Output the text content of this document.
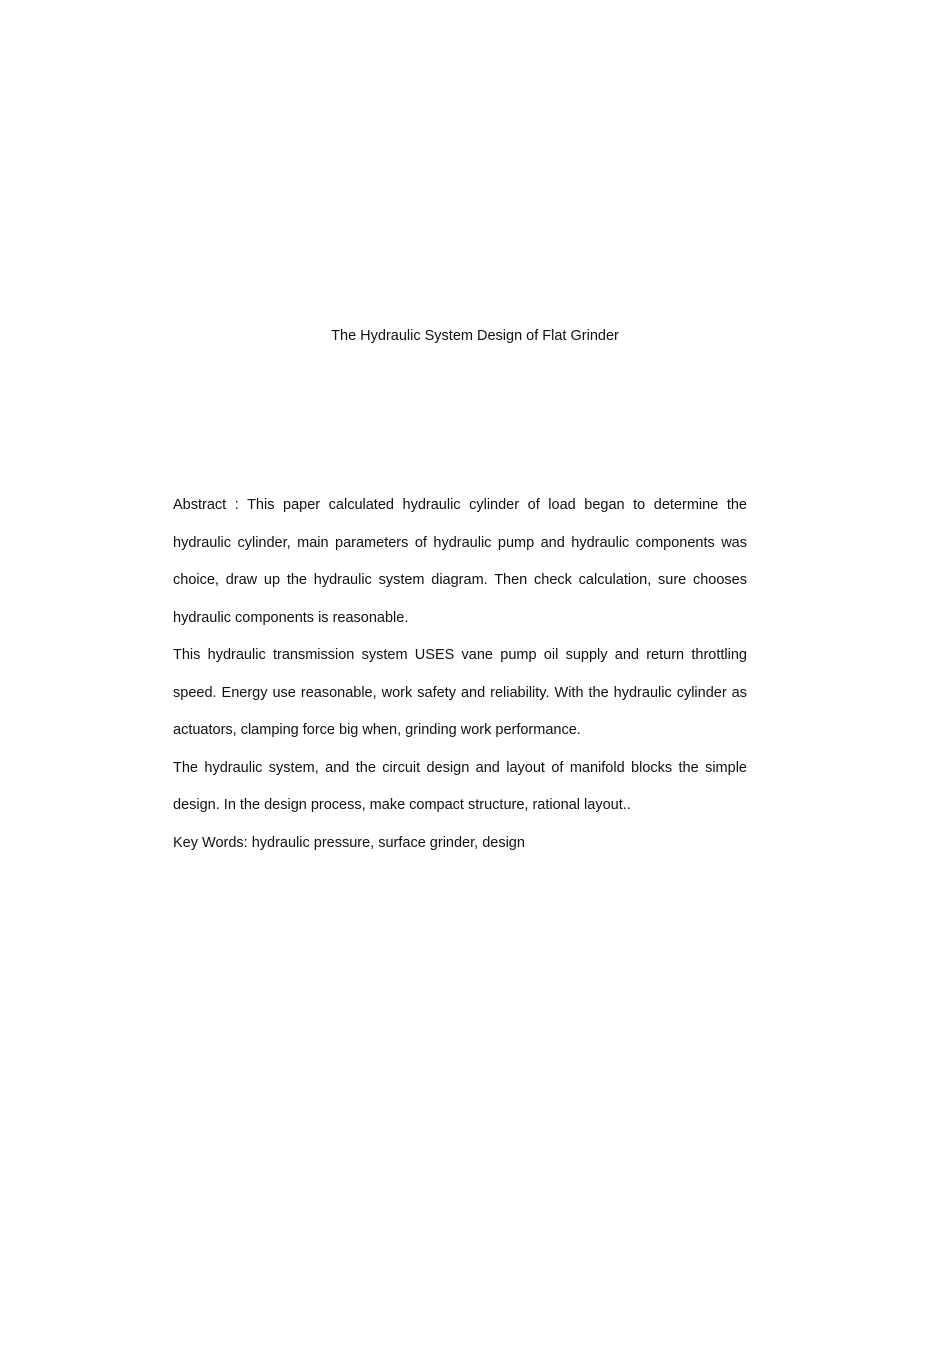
The Hydraulic System Design of Flat Grinder

Abstract : This paper calculated hydraulic cylinder of load began to determine the hydraulic cylinder, main parameters of hydraulic pump and hydraulic components was choice, draw up the hydraulic system diagram. Then check calculation, sure chooses hydraulic components is reasonable.

This hydraulic transmission system USES vane pump oil supply and return throttling speed. Energy use reasonable, work safety and reliability. With the hydraulic cylinder as actuators, clamping force big when, grinding work performance.

The hydraulic system, and the circuit design and layout of manifold blocks the simple design. In the design process, make compact structure, rational layout..

Key Words: hydraulic pressure, surface grinder, design
